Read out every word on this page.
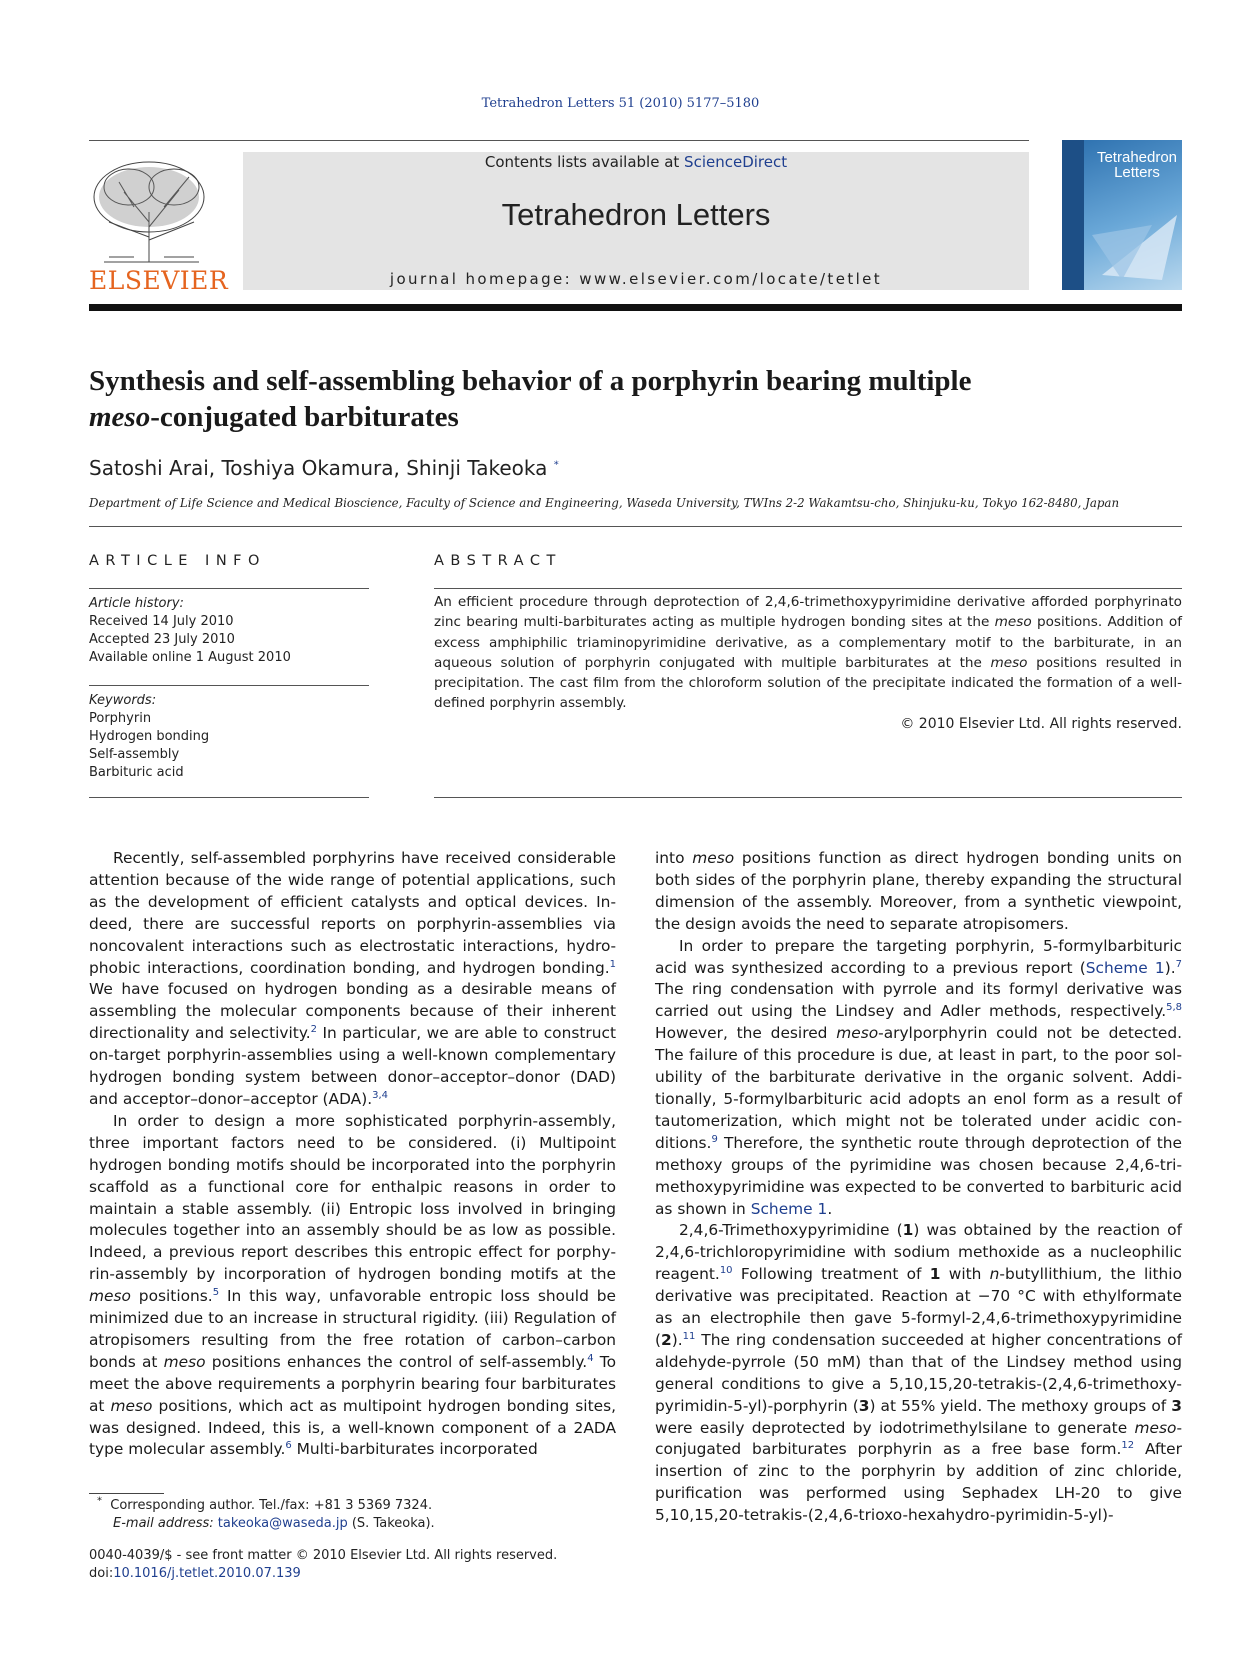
Tetrahedron Letters 51 (2010) 5177–5180
ELSEVIER
Contents lists available at ScienceDirect
Tetrahedron Letters
journal homepage: www.elsevier.com/locate/tetlet
Tetrahedron Letters
Synthesis and self-assembling behavior of a porphyrin bearing multiple
meso-conjugated barbiturates
Satoshi Arai, Toshiya Okamura, Shinji Takeoka *
Department of Life Science and Medical Bioscience, Faculty of Science and Engineering, Waseda University, TWIns 2-2 Wakamtsu-cho, Shinjuku-ku, Tokyo 162-8480, Japan
ARTICLE INFO
Article history:
Received 14 July 2010
Accepted 23 July 2010
Available online 1 August 2010
Keywords:
Porphyrin
Hydrogen bonding
Self-assembly
Barbituric acid
ABSTRACT
An efficient procedure through deprotection of 2,4,6-trimethoxypyrimidine derivative afforded porphyrinato zinc bearing multi-barbiturates acting as multiple hydrogen bonding sites at the meso positions. Addition of excess amphiphilic triaminopyrimidine derivative, as a complementary motif to the barbiturate, in an aqueous solution of porphyrin conjugated with multiple barbiturates at the meso positions resulted in precipitation. The cast film from the chloroform solution of the precipitate indicated the formation of a well-defined porphyrin assembly.
© 2010 Elsevier Ltd. All rights reserved.

Recently, self-assembled porphyrins have received considerable attention because of the wide range of potential applications, such as the development of efficient catalysts and optical devices. Indeed, there are successful reports on porphyrin-assemblies via noncovalent interactions such as electrostatic interactions, hydrophobic interactions, coordination bonding, and hydrogen bonding.$^1$ We have focused on hydrogen bonding as a desirable means of assembling the molecular components because of their inherent directionality and selectivity.$^2$ In particular, we are able to construct on-target porphyrin-assemblies using a well-known complementary hydrogen bonding system between donor–acceptor–donor (DAD) and acceptor–donor–acceptor (ADA).$^{3,4}$

In order to design a more sophisticated porphyrin-assembly, three important factors need to be considered. (i) Multipoint hydrogen bonding motifs should be incorporated into the porphyrin scaffold as a functional core for enthalpic reasons in order to maintain a stable assembly. (ii) Entropic loss involved in bringing molecules together into an assembly should be as low as possible. Indeed, a previous report describes this entropic effect for porphyrin-assembly by incorporation of hydrogen bonding motifs at the meso positions.$^5$ In this way, unfavorable entropic loss should be minimized due to an increase in structural rigidity. (iii) Regulation of atropisomers resulting from the free rotation of carbon–carbon bonds at meso positions enhances the control of self-assembly.$^4$ To meet the above requirements a porphyrin bearing four barbiturates at meso positions, which act as multipoint hydrogen bonding sites, was designed. Indeed, this is, a well-known component of a 2ADA type molecular assembly.$^6$ Multi-barbiturates incorporated

into meso positions function as direct hydrogen bonding units on both sides of the porphyrin plane, thereby expanding the structural dimension of the assembly. Moreover, from a synthetic viewpoint, the design avoids the need to separate atropisomers.

In order to prepare the targeting porphyrin, 5-formylbarbituric acid was synthesized according to a previous report (Scheme 1).$^7$ The ring condensation with pyrrole and its formyl derivative was carried out using the Lindsey and Adler methods, respectively.$^{5,8}$ However, the desired meso-arylporphyrin could not be detected. The failure of this procedure is due, at least in part, to the poor solubility of the barbiturate derivative in the organic solvent. Additionally, 5-formylbarbituric acid adopts an enol form as a result of tautomerization, which might not be tolerated under acidic conditions.$^9$ Therefore, the synthetic route through deprotection of the methoxy groups of the pyrimidine was chosen because 2,4,6-trimethoxypyrimidine was expected to be converted to barbituric acid as shown in Scheme 1.

2,4,6-Trimethoxypyrimidine (1) was obtained by the reaction of 2,4,6-trichloropyrimidine with sodium methoxide as a nucleophilic reagent.$^{10}$ Following treatment of 1 with n-butyllithium, the lithio derivative was precipitated. Reaction at −70 °C with ethylformate as an electrophile then gave 5-formyl-2,4,6-trimethoxypyrimidine (2).$^{11}$ The ring condensation succeeded at higher concentrations of aldehyde-pyrrole (50 mM) than that of the Lindsey method using general conditions to give a 5,10,15,20-tetrakis-(2,4,6-trimethoxy-pyrimidin-5-yl)-porphyrin (3) at 55% yield. The methoxy groups of 3 were easily deprotected by iodotrimethylsilane to generate meso-conjugated barbiturates porphyrin as a free base form.$^{12}$ After insertion of zinc to the porphyrin by addition of zinc chloride, purification was performed using Sephadex LH-20 to give 5,10,15,20-tetrakis-(2,4,6-trioxo-hexahydro-pyrimidin-5-yl)-

* Corresponding author. Tel./fax: +81 3 5369 7324.
E-mail address: takeoka@waseda.jp (S. Takeoka).
0040-4039/$ - see front matter © 2010 Elsevier Ltd. All rights reserved.
doi:10.1016/j.tetlet.2010.07.139
